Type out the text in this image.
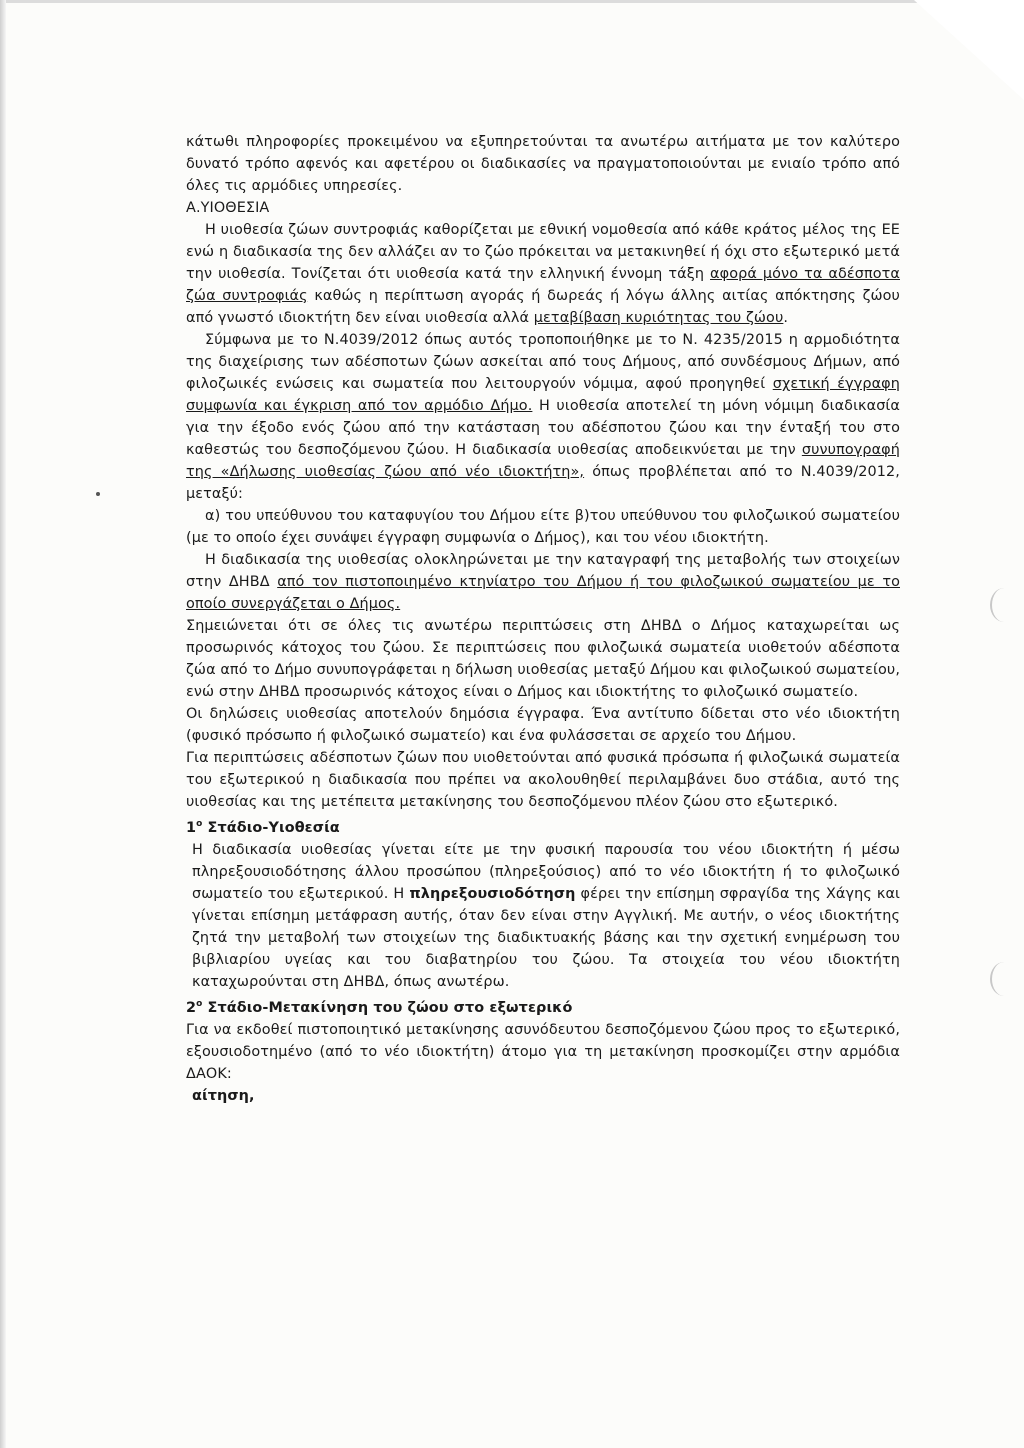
κάτωθι πληροφορίες προκειμένου να εξυπηρετούνται τα ανωτέρω αιτήματα με τον καλύτερο δυνατό τρόπο αφενός και αφετέρου οι διαδικασίες να πραγματοποιούνται με ενιαίο τρόπο από όλες τις αρμόδιες υπηρεσίες.

Α.ΥΙΟΘΕΣΙΑ

Η υιοθεσία ζώων συντροφιάς καθορίζεται με εθνική νομοθεσία από κάθε κράτος μέλος της ΕΕ ενώ η διαδικασία της δεν αλλάζει αν το ζώο πρόκειται να μετακινηθεί ή όχι στο εξωτερικό μετά την υιοθεσία. Τονίζεται ότι υιοθεσία κατά την ελληνική έννομη τάξη αφορά μόνο τα αδέσποτα ζώα συντροφιάς καθώς η περίπτωση αγοράς ή δωρεάς ή λόγω άλλης αιτίας απόκτησης ζώου από γνωστό ιδιοκτήτη δεν είναι υιοθεσία αλλά μεταβίβαση κυριότητας του ζώου.

Σύμφωνα με το Ν.4039/2012 όπως αυτός τροποποιήθηκε με το Ν. 4235/2015 η αρμοδιότητα της διαχείρισης των αδέσποτων ζώων ασκείται από τους Δήμους, από συνδέσμους Δήμων, από φιλοζωικές ενώσεις και σωματεία που λειτουργούν νόμιμα, αφού προηγηθεί σχετική έγγραφη συμφωνία και έγκριση από τον αρμόδιο Δήμο. Η υιοθεσία αποτελεί τη μόνη νόμιμη διαδικασία για την έξοδο ενός ζώου από την κατάσταση του αδέσποτου ζώου και την ένταξή του στο καθεστώς του δεσποζόμενου ζώου. Η διαδικασία υιοθεσίας αποδεικνύεται με την συνυπογραφή της «Δήλωσης υιοθεσίας ζώου από νέο ιδιοκτήτη», όπως προβλέπεται από το Ν.4039/2012, μεταξύ:

α) του υπεύθυνου του καταφυγίου του Δήμου είτε β)του υπεύθυνου του φιλοζωικού σωματείου (με το οποίο έχει συνάψει έγγραφη συμφωνία ο Δήμος), και του νέου ιδιοκτήτη.

Η διαδικασία της υιοθεσίας ολοκληρώνεται με την καταγραφή της μεταβολής των στοιχείων στην ΔΗΒΔ από τον πιστοποιημένο κτηνίατρο του Δήμου ή του φιλοζωικού σωματείου με το οποίο συνεργάζεται ο Δήμος.

Σημειώνεται ότι σε όλες τις ανωτέρω περιπτώσεις στη ΔΗΒΔ ο Δήμος καταχωρείται ως προσωρινός κάτοχος του ζώου. Σε περιπτώσεις που φιλοζωικά σωματεία υιοθετούν αδέσποτα ζώα από το Δήμο συνυπογράφεται η δήλωση υιοθεσίας μεταξύ Δήμου και φιλοζωικού σωματείου, ενώ στην ΔΗΒΔ προσωρινός κάτοχος είναι ο Δήμος και ιδιοκτήτης το φιλοζωικό σωματείο.

Οι δηλώσεις υιοθεσίας αποτελούν δημόσια έγγραφα. Ένα αντίτυπο δίδεται στο νέο ιδιοκτήτη (φυσικό πρόσωπο ή φιλοζωικό σωματείο) και ένα φυλάσσεται σε αρχείο του Δήμου.

Για περιπτώσεις αδέσποτων ζώων που υιοθετούνται από φυσικά πρόσωπα ή φιλοζωικά σωματεία του εξωτερικού η διαδικασία που πρέπει να ακολουθηθεί περιλαμβάνει δυο στάδια, αυτό της υιοθεσίας και της μετέπειτα μετακίνησης του δεσποζόμενου πλέον ζώου στο εξωτερικό.

$1^o$ Στάδιο-Υιοθεσία

Η διαδικασία υιοθεσίας γίνεται είτε με την φυσική παρουσία του νέου ιδιοκτήτη ή μέσω πληρεξουσιοδότησης άλλου προσώπου (πληρεξούσιος) από το νέο ιδιοκτήτη ή το φιλοζωικό σωματείο του εξωτερικού. Η πληρεξουσιοδότηση φέρει την επίσημη σφραγίδα της Χάγης και γίνεται επίσημη μετάφραση αυτής, όταν δεν είναι στην Αγγλική. Με αυτήν, ο νέος ιδιοκτήτης ζητά την μεταβολή των στοιχείων της διαδικτυακής βάσης και την σχετική ενημέρωση του βιβλιαρίου υγείας και του διαβατηρίου του ζώου. Τα στοιχεία του νέου ιδιοκτήτη καταχωρούνται στη ΔΗΒΔ, όπως ανωτέρω.

$2^o$ Στάδιο-Μετακίνηση του ζώου στο εξωτερικό

Για να εκδοθεί πιστοποιητικό μετακίνησης ασυνόδευτου δεσποζόμενου ζώου προς το εξωτερικό, εξουσιοδοτημένο (από το νέο ιδιοκτήτη) άτομο για τη μετακίνηση προσκομίζει στην αρμόδια ΔΑΟΚ:

αίτηση,
